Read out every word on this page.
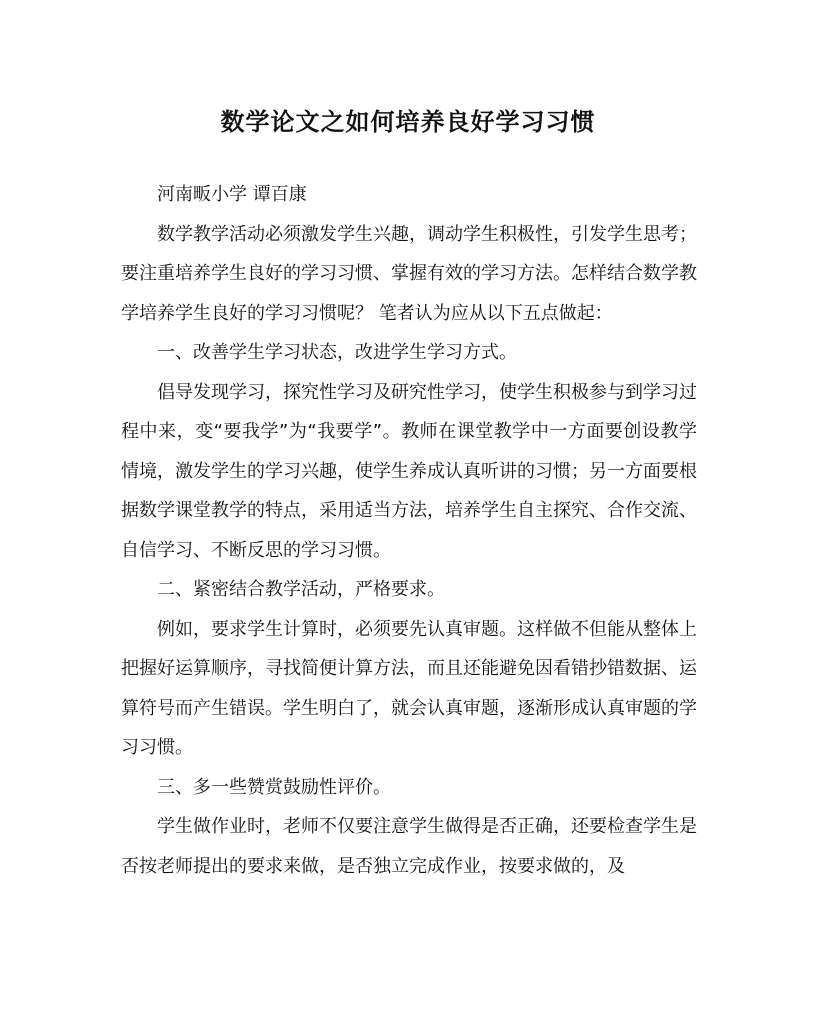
数学论文之如何培养良好学习习惯

河南畈小学 谭百康

数学教学活动必须激发学生兴趣，调动学生积极性，引发学生思考；要注重培养学生良好的学习习惯、掌握有效的学习方法。怎样结合数学教学培养学生良好的学习习惯呢？ 笔者认为应从以下五点做起：

一、改善学生学习状态，改进学生学习方式。

倡导发现学习，探究性学习及研究性学习，使学生积极参与到学习过程中来，变“要我学”为“我要学”。教师在课堂教学中一方面要创设教学情境，激发学生的学习兴趣，使学生养成认真听讲的习惯；另一方面要根据数学课堂教学的特点，采用适当方法，培养学生自主探究、合作交流、自信学习、不断反思的学习习惯。

二、紧密结合教学活动，严格要求。

例如，要求学生计算时，必须要先认真审题。这样做不但能从整体上把握好运算顺序，寻找简便计算方法，而且还能避免因看错抄错数据、运算符号而产生错误。学生明白了，就会认真审题，逐渐形成认真审题的学习习惯。

三、多一些赞赏鼓励性评价。

学生做作业时，老师不仅要注意学生做得是否正确，还要检查学生是否按老师提出的要求来做，是否独立完成作业，按要求做的，及
